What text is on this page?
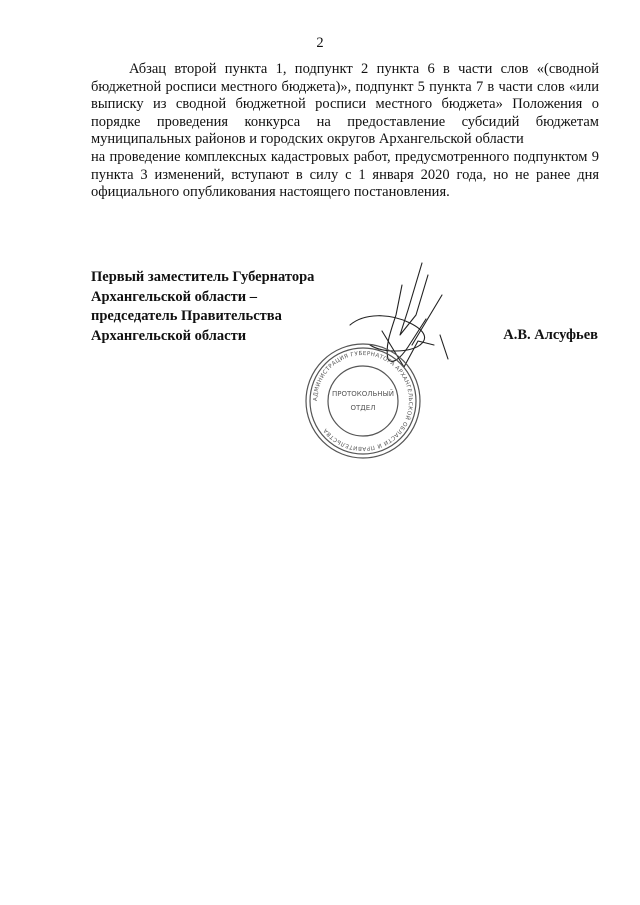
2

Абзац второй пункта 1, подпункт 2 пункта 6 в части слов «(сводной бюджетной росписи местного бюджета)», подпункт 5 пункта 7 в части слов «или выписку из сводной бюджетной росписи местного бюджета» Положения о порядке проведения конкурса на предоставление субсидий бюджетам муниципальных районов и городских округов Архангельской области

на проведение комплексных кадастровых работ, предусмотренного подпунктом 9 пункта 3 изменений, вступают в силу с 1 января 2020 года, но не ранее дня официального опубликования настоящего постановления.

Первый заместитель Губернатора
Архангельской области –
председатель Правительства
Архангельской области	А.В. Алсуфьев
АДМИНИСТРАЦИЯ ГУБЕРНАТОРА АРХАНГЕЛЬСКОЙ ОБЛАСТИ И ПРАВИТЕЛЬСТВА
ПРОТОКОЛЬНЫЙ
ОТДЕЛ
